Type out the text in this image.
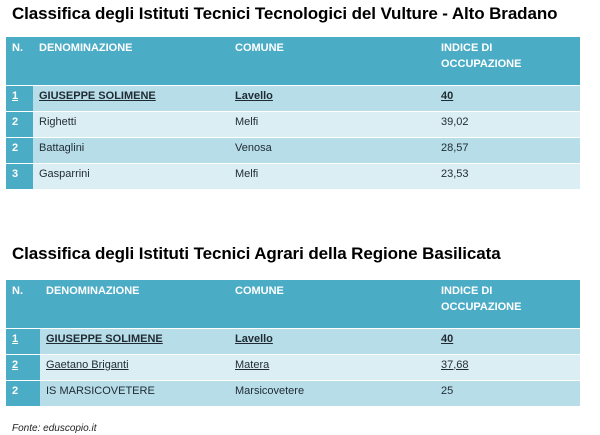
Classifica degli Istituti Tecnici Tecnologici del Vulture - Alto Bradano
N.	DENOMINAZIONE	COMUNE	INDICE DI
OCCUPAZIONE
1	GIUSEPPE SOLIMENE	Lavello	40
2	Righetti	Melfi	39,02
2	Battaglini	Venosa	28,57
3	Gasparrini	Melfi	23,53
Classifica degli Istituti Tecnici Agrari della Regione Basilicata
N.	DENOMINAZIONE	COMUNE	INDICE DI
OCCUPAZIONE
1	GIUSEPPE SOLIMENE	Lavello	40
2	Gaetano Briganti	Matera	37,68
2	IS MARSICOVETERE	Marsicovetere	25
Fonte: eduscopio.it
